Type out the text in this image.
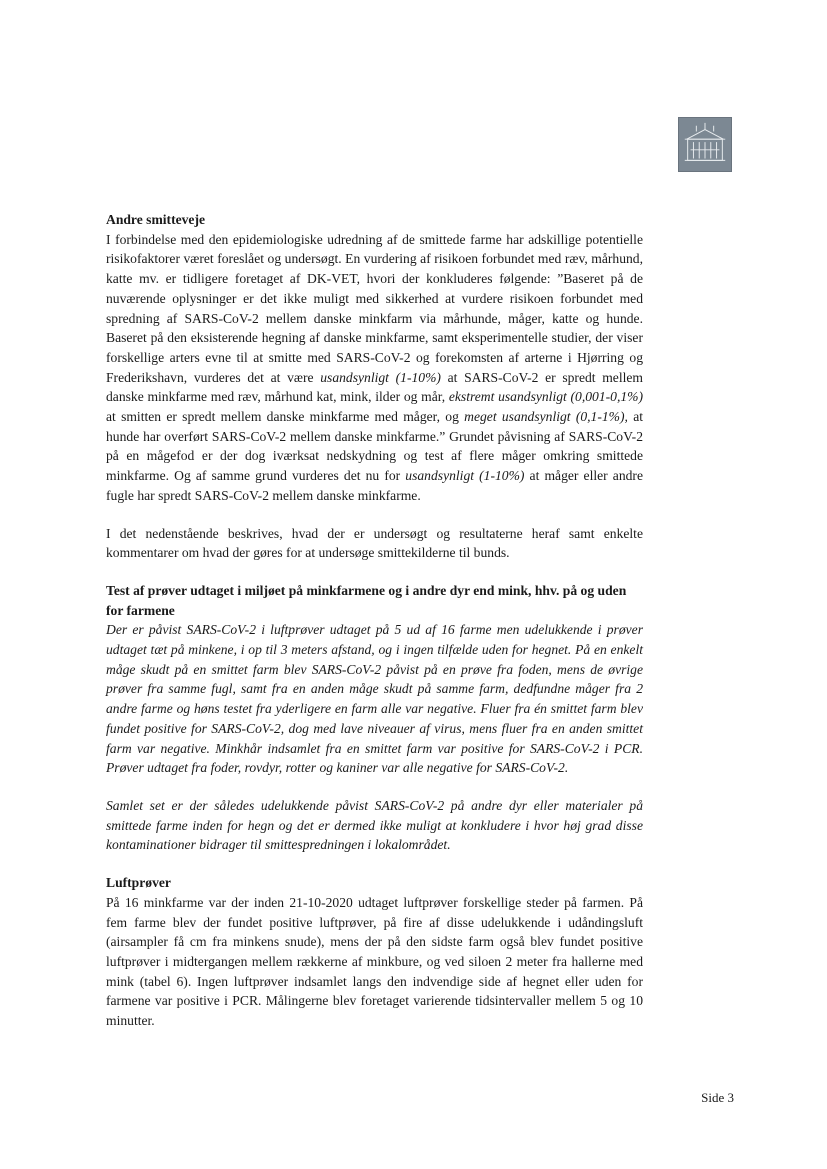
Andre smitteveje

I forbindelse med den epidemiologiske udredning af de smittede farme har adskillige potentielle risikofaktorer været foreslået og undersøgt. En vurdering af risikoen forbundet med ræv, mårhund, katte mv. er tidligere foretaget af DK-VET, hvori der konkluderes følgende: ”Baseret på de nuværende oplysninger er det ikke muligt med sikkerhed at vurdere risikoen forbundet med spredning af SARS-CoV-2 mellem danske minkfarm via mårhunde, måger, katte og hunde. Baseret på den eksisterende hegning af danske minkfarme, samt eksperimentelle studier, der viser forskellige arters evne til at smitte med SARS-CoV-2 og forekomsten af arterne i Hjørring og Frederikshavn, vurderes det at være usandsynligt (1-10%) at SARS-CoV-2 er spredt mellem danske minkfarme med ræv, mårhund kat, mink, ilder og mår, ekstremt usandsynligt (0,001-0,1%) at smitten er spredt mellem danske minkfarme med måger, og meget usandsynligt (0,1-1%), at hunde har overført SARS-CoV-2 mellem danske minkfarme.” Grundet påvisning af SARS-CoV-2 på en mågefod er der dog iværksat nedskydning og test af flere måger omkring smittede minkfarme. Og af samme grund vurderes det nu for usandsynligt (1-10%) at måger eller andre fugle har spredt SARS-CoV-2 mellem danske minkfarme.

I det nedenstående beskrives, hvad der er undersøgt og resultaterne heraf samt enkelte kommentarer om hvad der gøres for at undersøge smittekilderne til bunds.

Test af prøver udtaget i miljøet på minkfarmene og i andre dyr end mink, hhv. på og uden for farmene

Der er påvist SARS-CoV-2 i luftprøver udtaget på 5 ud af 16 farme men udelukkende i prøver udtaget tæt på minkene, i op til 3 meters afstand, og i ingen tilfælde uden for hegnet. På en enkelt måge skudt på en smittet farm blev SARS-CoV-2 påvist på en prøve fra foden, mens de øvrige prøver fra samme fugl, samt fra en anden måge skudt på samme farm, dedfundne måger fra 2 andre farme og høns testet fra yderligere en farm alle var negative. Fluer fra én smittet farm blev fundet positive for SARS-CoV-2, dog med lave niveauer af virus, mens fluer fra en anden smittet farm var negative. Minkhår indsamlet fra en smittet farm var positive for SARS-CoV-2 i PCR. Prøver udtaget fra foder, rovdyr, rotter og kaniner var alle negative for SARS-CoV-2.

Samlet set er der således udelukkende påvist SARS-CoV-2 på andre dyr eller materialer på smittede farme inden for hegn og det er dermed ikke muligt at konkludere i hvor høj grad disse kontaminationer bidrager til smittespredningen i lokalområdet.

Luftprøver

På 16 minkfarme var der inden 21-10-2020 udtaget luftprøver forskellige steder på farmen. På fem farme blev der fundet positive luftprøver, på fire af disse udelukkende i udåndingsluft (airsampler få cm fra minkens snude), mens der på den sidste farm også blev fundet positive luftprøver i midtergangen mellem rækkerne af minkbure, og ved siloen 2 meter fra hallerne med mink (tabel 6). Ingen luftprøver indsamlet langs den indvendige side af hegnet eller uden for farmene var positive i PCR. Målingerne blev foretaget varierende tidsintervaller mellem 5 og 10 minutter.

Side 3
